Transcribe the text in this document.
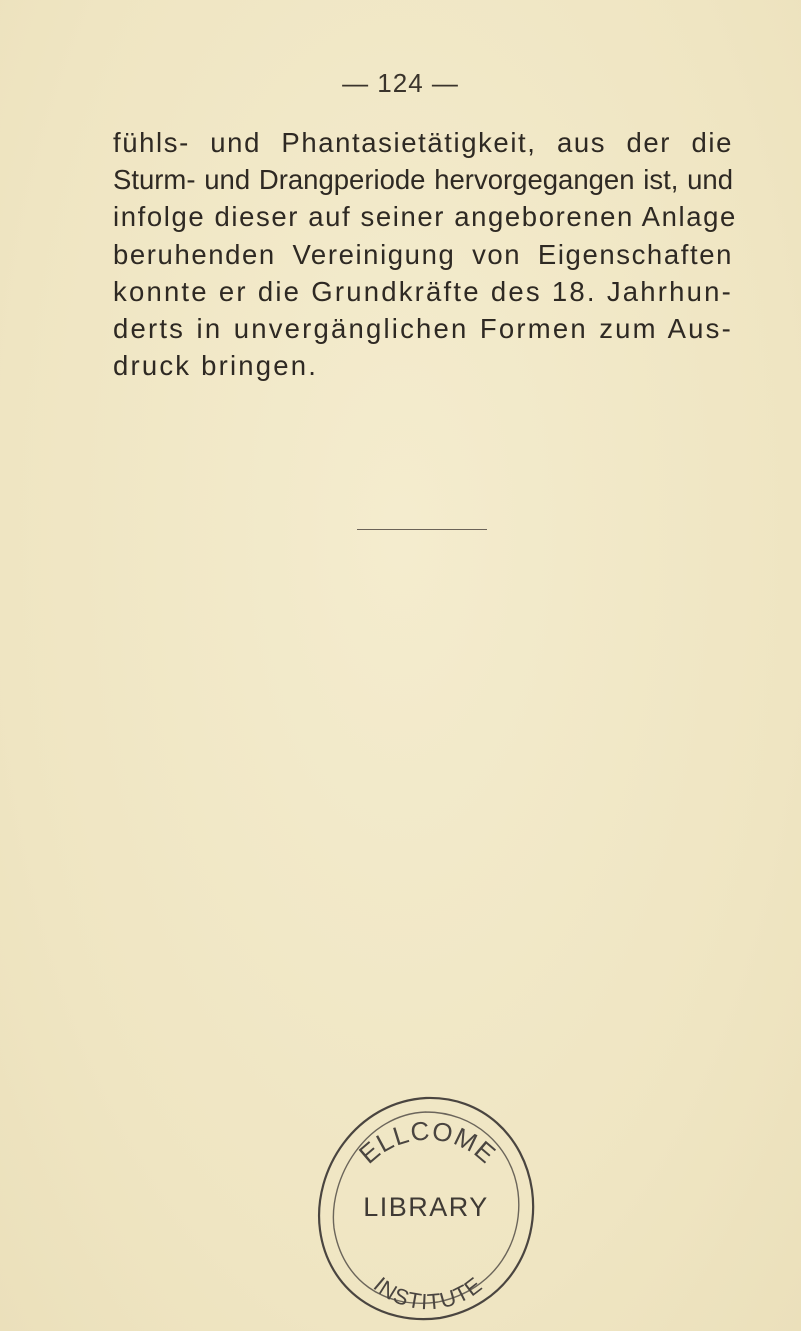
— 124 —
fühls- und Phantasietätigkeit, aus der die
Sturm- und Drangperiode hervorgegangen ist, und
infolge dieser auf seiner angeborenen Anlage
beruhenden Vereinigung von Eigenschaften
konnte er die Grundkräfte des 18. Jahrhun-
derts in unvergänglichen Formen zum Aus-
druck bringen.
ELLCOME
LIBRARY
INSTITUTE
